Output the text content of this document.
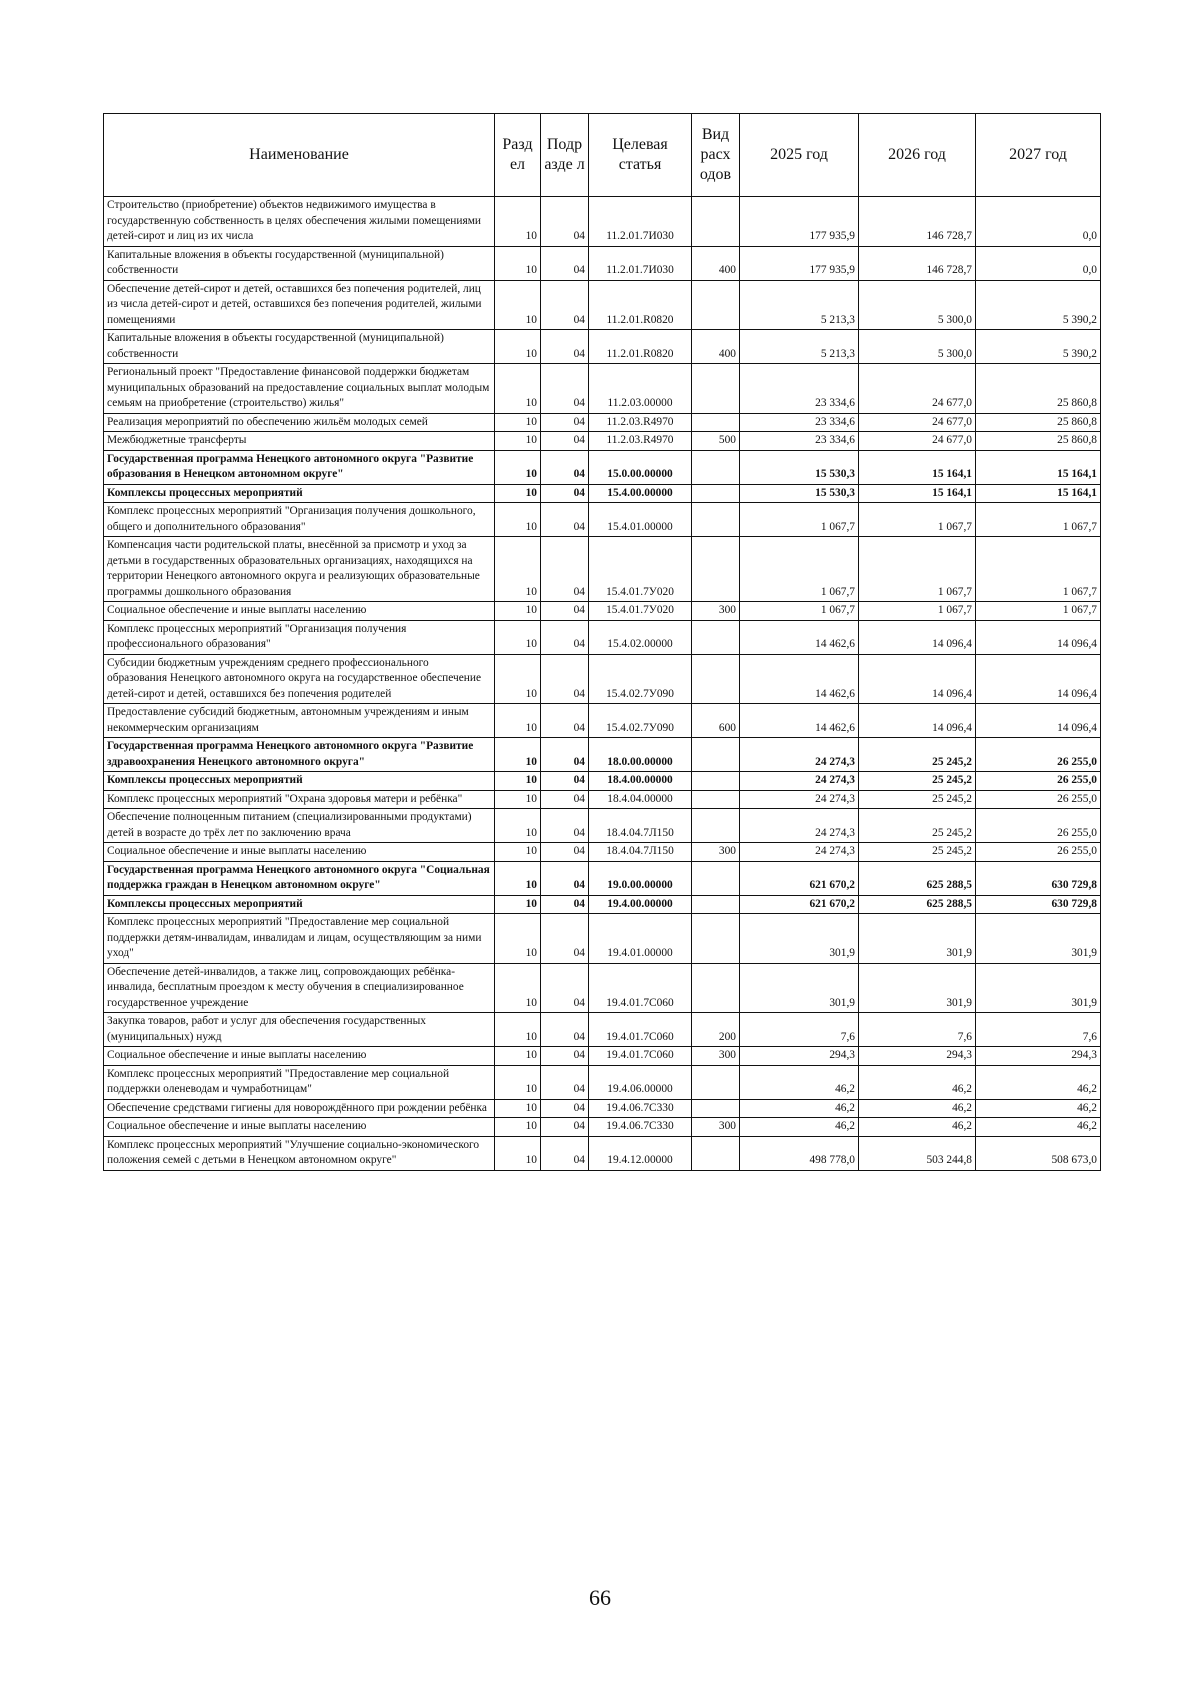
Наименование	Разд ел	Подр азде л	Целевая статья	Вид расх одов	2025 год	2026 год	2027 год
Строительство (приобретение) объектов недвижимого имущества в государственную собственность в целях обеспечения жилыми помещениями детей-сирот и лиц из их числа	10	04	11.2.01.7И030		177 935,9	146 728,7	0,0
Капитальные вложения в объекты государственной (муниципальной) собственности	10	04	11.2.01.7И030	400	177 935,9	146 728,7	0,0
Обеспечение детей-сирот и детей, оставшихся без попечения родителей, лиц из числа детей-сирот и детей, оставшихся без попечения родителей, жилыми помещениями	10	04	11.2.01.R0820		5 213,3	5 300,0	5 390,2
Капитальные вложения в объекты государственной (муниципальной) собственности	10	04	11.2.01.R0820	400	5 213,3	5 300,0	5 390,2
Региональный проект "Предоставление финансовой поддержки бюджетам муниципальных образований на предоставление социальных выплат молодым семьям на приобретение (строительство) жилья"	10	04	11.2.03.00000		23 334,6	24 677,0	25 860,8
Реализация мероприятий по обеспечению жильём молодых семей	10	04	11.2.03.R4970		23 334,6	24 677,0	25 860,8
Межбюджетные трансферты	10	04	11.2.03.R4970	500	23 334,6	24 677,0	25 860,8
Государственная программа Ненецкого автономного округа "Развитие образования в Ненецком автономном округе"	10	04	15.0.00.00000		15 530,3	15 164,1	15 164,1
Комплексы процессных мероприятий	10	04	15.4.00.00000		15 530,3	15 164,1	15 164,1
Комплекс процессных мероприятий "Организация получения дошкольного, общего и дополнительного образования"	10	04	15.4.01.00000		1 067,7	1 067,7	1 067,7
Компенсация части родительской платы, внесённой за присмотр и уход за детьми в государственных образовательных организациях, находящихся на территории Ненецкого автономного округа и реализующих образовательные программы дошкольного образования	10	04	15.4.01.7У020		1 067,7	1 067,7	1 067,7
Социальное обеспечение и иные выплаты населению	10	04	15.4.01.7У020	300	1 067,7	1 067,7	1 067,7
Комплекс процессных мероприятий "Организация получения профессионального образования"	10	04	15.4.02.00000		14 462,6	14 096,4	14 096,4
Субсидии бюджетным учреждениям среднего профессионального образования Ненецкого автономного округа на государственное обеспечение детей-сирот и детей, оставшихся без попечения родителей	10	04	15.4.02.7У090		14 462,6	14 096,4	14 096,4
Предоставление субсидий бюджетным, автономным учреждениям и иным некоммерческим организациям	10	04	15.4.02.7У090	600	14 462,6	14 096,4	14 096,4
Государственная программа Ненецкого автономного округа "Развитие здравоохранения Ненецкого автономного округа"	10	04	18.0.00.00000		24 274,3	25 245,2	26 255,0
Комплексы процессных мероприятий	10	04	18.4.00.00000		24 274,3	25 245,2	26 255,0
Комплекс процессных мероприятий "Охрана здоровья матери и ребёнка"	10	04	18.4.04.00000		24 274,3	25 245,2	26 255,0
Обеспечение полноценным питанием (специализированными продуктами) детей в возрасте до трёх лет по заключению врача	10	04	18.4.04.7Л150		24 274,3	25 245,2	26 255,0
Социальное обеспечение и иные выплаты населению	10	04	18.4.04.7Л150	300	24 274,3	25 245,2	26 255,0
Государственная программа Ненецкого автономного округа "Социальная поддержка граждан в Ненецком автономном округе"	10	04	19.0.00.00000		621 670,2	625 288,5	630 729,8
Комплексы процессных мероприятий	10	04	19.4.00.00000		621 670,2	625 288,5	630 729,8
Комплекс процессных мероприятий "Предоставление мер социальной поддержки детям-инвалидам, инвалидам и лицам, осуществляющим за ними уход"	10	04	19.4.01.00000		301,9	301,9	301,9
Обеспечение детей-инвалидов, а также лиц, сопровождающих ребёнка-инвалида, бесплатным проездом к месту обучения в специализированное государственное учреждение	10	04	19.4.01.7С060		301,9	301,9	301,9
Закупка товаров, работ и услуг для обеспечения государственных (муниципальных) нужд	10	04	19.4.01.7С060	200	7,6	7,6	7,6
Социальное обеспечение и иные выплаты населению	10	04	19.4.01.7С060	300	294,3	294,3	294,3
Комплекс процессных мероприятий "Предоставление мер социальной поддержки оленеводам и чумработницам"	10	04	19.4.06.00000		46,2	46,2	46,2
Обеспечение средствами гигиены для новорождённого при рождении ребёнка	10	04	19.4.06.7С330		46,2	46,2	46,2
Социальное обеспечение и иные выплаты населению	10	04	19.4.06.7С330	300	46,2	46,2	46,2
Комплекс процессных мероприятий "Улучшение социально-экономического положения семей с детьми в Ненецком автономном округе"	10	04	19.4.12.00000		498 778,0	503 244,8	508 673,0
66
